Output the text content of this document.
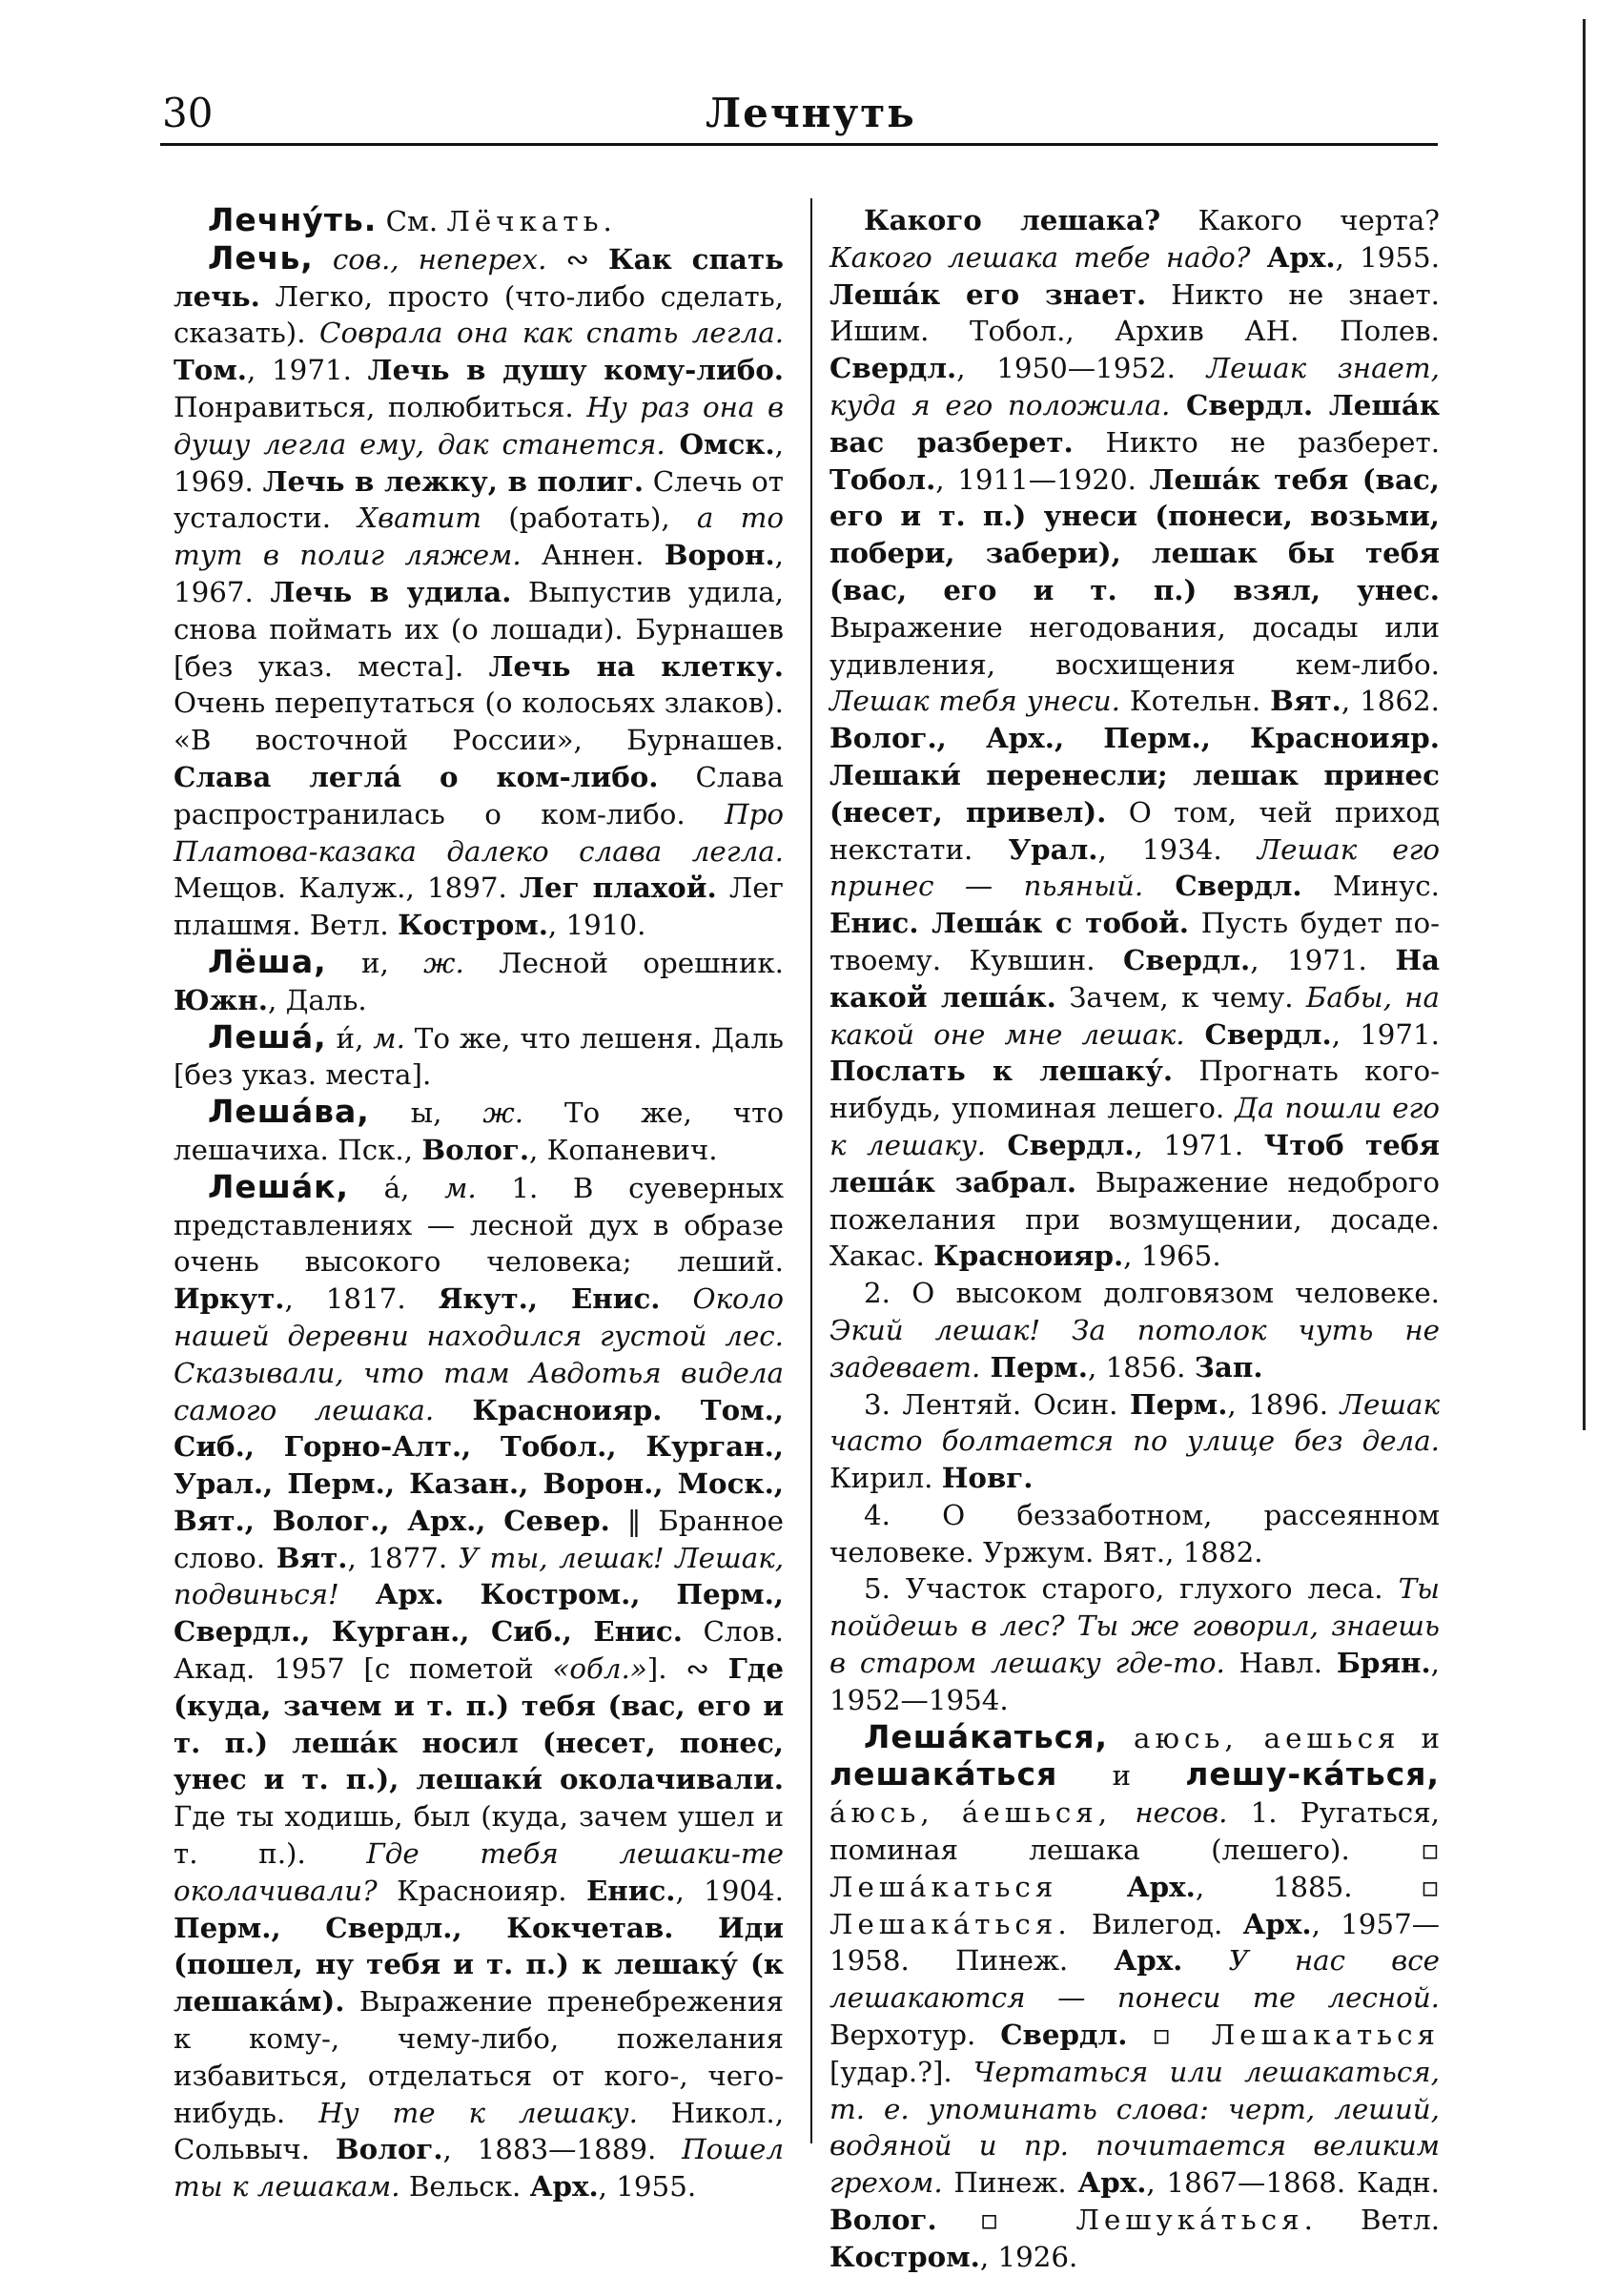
30	Лечнуть

Лечну́ть. См. Лёчкать.

Лечь, сов., неперех. ∾ Как спать лечь. Легко, просто (что-либо сделать, сказать). Соврала она как спать легла. Том., 1971. Лечь в душу кому-либо. Понравиться, полюбиться. Ну раз она в душу легла ему, дак станется. Омск., 1969. Лечь в лежку, в полиг. Слечь от усталости. Хватит (работать), а то тут в полиг ляжем. Аннен. Ворон., 1967. Лечь в удила. Выпустив удила, снова поймать их (о лошади). Бурнашев [без указ. места]. Лечь на клетку. Очень перепутаться (о колосьях злаков). «В восточной России», Бурнашев. Слава легла́ о ком-либо. Слава распространилась о ком-либо. Про Платова-казака далеко слава легла. Мещов. Калуж., 1897. Лег плахой. Лег плашмя. Ветл. Костром., 1910.

Лёша, и, ж. Лесной орешник. Южн., Даль.

Леша́, и́, м. То же, что лешеня. Даль [без указ. места].

Леша́ва, ы, ж. То же, что лешачиха. Пск., Волог., Копаневич.

Леша́к, а́, м. 1. В суеверных представлениях — лесной дух в образе очень высокого человека; леший. Иркут., 1817. Якут., Енис. Около нашей деревни находился густой лес. Сказывали, что там Авдотья видела самого лешака. Красноияр. Том., Сиб., Горно-Алт., Тобол., Курган., Урал., Перм., Казан., Ворон., Моск., Вят., Волог., Арх., Север. ‖ Бранное слово. Вят., 1877. У ты, лешак! Лешак, подвинься! Арх. Костром., Перм., Свердл., Курган., Сиб., Енис. Слов. Акад. 1957 [с пометой «обл.»]. ∾ Где (куда, зачем и т. п.) тебя (вас, его и т. п.) леша́к носил (несет, понес, унес и т. п.), лешаки́ околачивали. Где ты ходишь, был (куда, зачем ушел и т. п.). Где тебя лешаки-те околачивали? Красноияр. Енис., 1904. Перм., Свердл., Кокчетав. Иди (пошел, ну тебя и т. п.) к лешаку́ (к лешака́м). Выражение пренебрежения к кому-, чему-либо, пожелания избавиться, отделаться от кого-, чего-нибудь. Ну те к лешаку. Никол., Сольвыч. Волог., 1883—1889. Пошел ты к лешакам. Вельск. Арх., 1955.

Какого лешака? Какого черта? Какого лешака тебе надо? Арх., 1955. Леша́к его знает. Никто не знает. Ишим. Тобол., Архив АН. Полев. Свердл., 1950—1952. Лешак знает, куда я его положила. Свердл. Леша́к вас разберет. Никто не разберет. Тобол., 1911—1920. Леша́к тебя (вас, его и т. п.) унеси (понеси, возьми, побери, забери), лешак бы тебя (вас, его и т. п.) взял, унес. Выражение негодования, досады или удивления, восхищения кем-либо. Лешак тебя унеси. Котельн. Вят., 1862. Волог., Арх., Перм., Красноияр. Лешаки́ перенесли; лешак принес (несет, привел). О том, чей приход некстати. Урал., 1934. Лешак его принес — пьяный. Свердл. Минус. Енис. Леша́к с тобой. Пусть будет по-твоему. Кувшин. Свердл., 1971. На какой леша́к. Зачем, к чему. Бабы, на какой оне мне лешак. Свердл., 1971. Послать к лешаку́. Прогнать кого-нибудь, упоминая лешего. Да пошли его к лешаку. Свердл., 1971. Чтоб тебя леша́к забрал. Выражение недоброго пожелания при возмущении, досаде. Хакас. Красноияр., 1965.

2. О высоком долговязом человеке. Экий лешак! За потолок чуть не задевает. Перм., 1856. Зап.

3. Лентяй. Осин. Перм., 1896. Лешак часто болтается по улице без дела. Кирил. Новг.

4. О беззаботном, рассеянном человеке. Уржум. Вят., 1882.

5. Участок старого, глухого леса. Ты пойдешь в лес? Ты же говорил, знаешь в старом лешаку где-то. Навл. Брян., 1952—1954.

Леша́каться, аюсь, аешься и лешака́ться и лешу-ка́ться, а́юсь, а́ешься, несов. 1. Ругаться, поминая лешака (лешего). ▫ Леша́каться Арх., 1885. ▫ Лешака́ться. Вилегод. Арх., 1957—1958. Пинеж. Арх. У нас все лешакаются — понеси те лесной. Верхотур. Свердл. ▫ Лешакаться [удар.?]. Чертаться или лешакаться, т. е. упоминать слова: черт, леший, водяной и пр. почитается великим грехом. Пинеж. Арх., 1867—1868. Кадн. Волог. ▫ Лешука́ться. Ветл. Костром., 1926.
